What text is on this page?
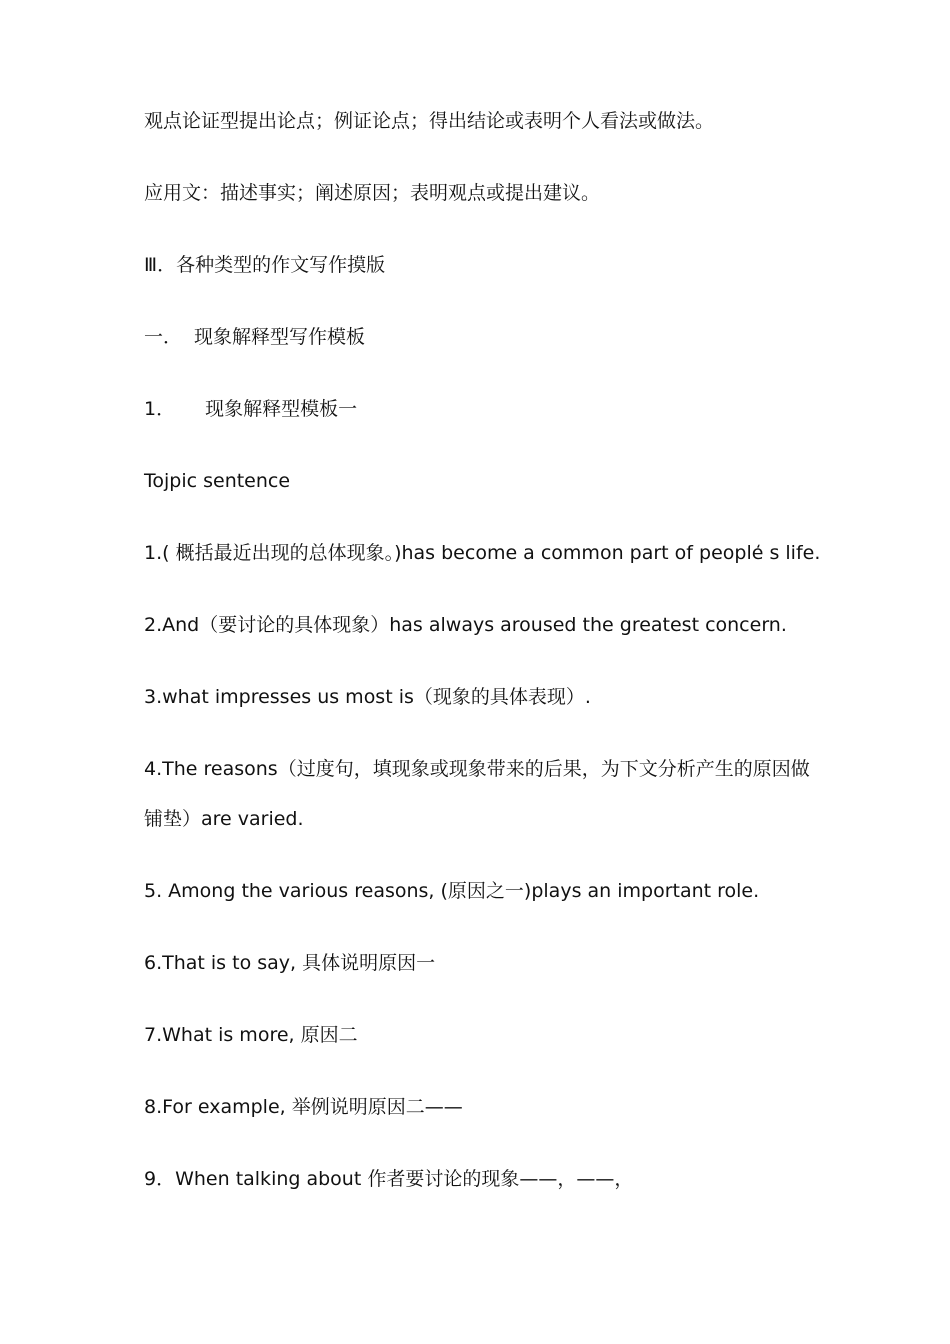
观点论证型提出论点；例证论点；得出结论或表明个人看法或做法。
应用文：描述事实；阐述原因；表明观点或提出建议。
Ⅲ．各种类型的作文写作摸版
一． 现象解释型写作模板
1． 现象解释型模板一
Tojpic sentence
1.( 概括最近出现的总体现象。)has become a common part of people̒ s life.
2.And（要讨论的具体现象）has always aroused the greatest concern.
3.what impresses us most is（现象的具体表现）.
4.The reasons（过度句，填现象或现象带来的后果，为下文分析产生的原因做
铺垫）are varied.
5. Among the various reasons, (原因之一)plays an important role.
6.That is to say, 具体说明原因一
7.What is more, 原因二
8.For example, 举例说明原因二——
9．When talking about 作者要讨论的现象——，——，
